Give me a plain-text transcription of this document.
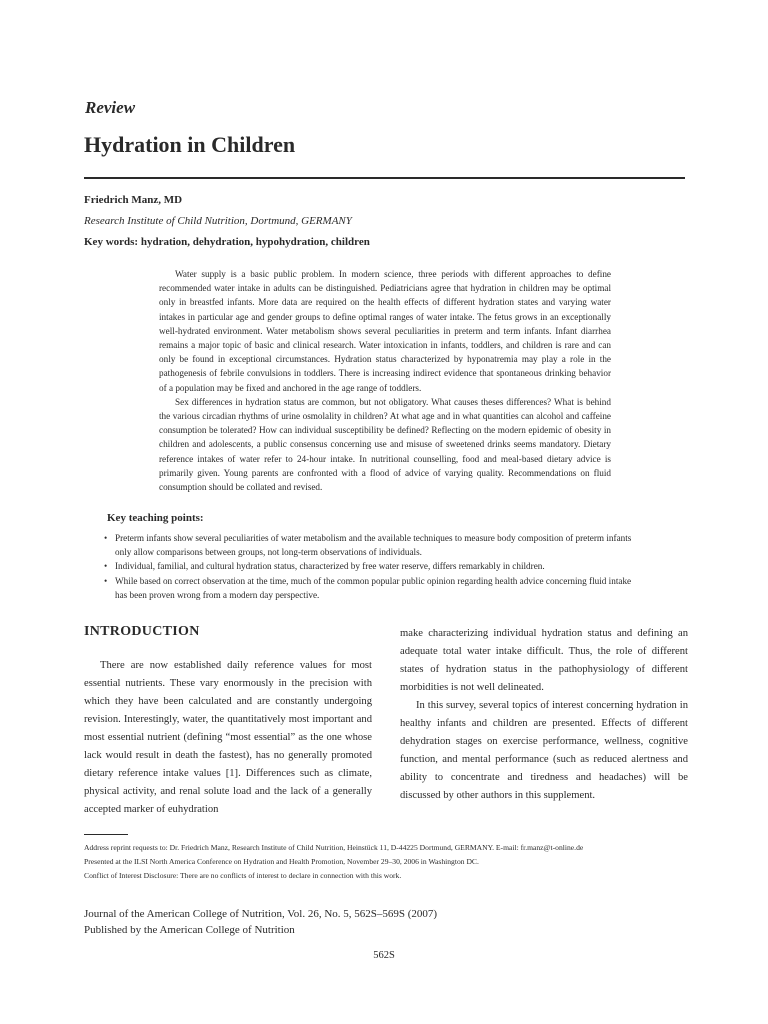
Review
Hydration in Children
Friedrich Manz, MD
Research Institute of Child Nutrition, Dortmund, GERMANY
Key words: hydration, dehydration, hypohydration, children

Water supply is a basic public problem. In modern science, three periods with different approaches to define recommended water intake in adults can be distinguished. Pediatricians agree that hydration in children may be optimal only in breastfed infants. More data are required on the health effects of different hydration states and varying water intakes in particular age and gender groups to define optimal ranges of water intake. The fetus grows in an exceptionally well-hydrated environment. Water metabolism shows several peculiarities in preterm and term infants. Infant diarrhea remains a major topic of basic and clinical research. Water intoxication in infants, toddlers, and children is rare and can only be found in exceptional circumstances. Hydration status characterized by hyponatremia may play a role in the pathogenesis of febrile convulsions in toddlers. There is increasing indirect evidence that spontaneous drinking behavior of a population may be fixed and anchored in the age range of toddlers.

Sex differences in hydration status are common, but not obligatory. What causes theses differences? What is behind the various circadian rhythms of urine osmolality in children? At what age and in what quantities can alcohol and caffeine consumption be tolerated? How can individual susceptibility be defined? Reflecting on the modern epidemic of obesity in children and adolescents, a public consensus concerning use and misuse of sweetened drinks seems mandatory. Dietary reference intakes of water refer to 24-hour intake. In nutritional counselling, food and meal-based dietary advice is primarily given. Young parents are confronted with a flood of advice of varying quality. Recommendations on fluid consumption should be collated and revised.

Key teaching points:
• Preterm infants show several peculiarities of water metabolism and the available techniques to measure body composition of preterm infants only allow comparisons between groups, not long-term observations of individuals.
• Individual, familial, and cultural hydration status, characterized by free water reserve, differs remarkably in children.
• While based on correct observation at the time, much of the common popular public opinion regarding health advice concerning fluid intake has been proven wrong from a modern day perspective.
INTRODUCTION

There are now established daily reference values for most essential nutrients. These vary enormously in the precision with which they have been calculated and are constantly undergoing revision. Interestingly, water, the quantitatively most important and most essential nutrient (defining “most essential” as the one whose lack would result in death the fastest), has no generally promoted dietary reference intake values [1]. Differences such as climate, physical activity, and renal solute load and the lack of a generally accepted marker of euhydration

make characterizing individual hydration status and defining an adequate total water intake difficult. Thus, the role of different states of hydration status in the pathophysiology of different morbidities is not well delineated.

In this survey, several topics of interest concerning hydration in healthy infants and children are presented. Effects of different dehydration stages on exercise performance, wellness, cognitive function, and mental performance (such as reduced alertness and ability to concentrate and tiredness and headaches) will be discussed by other authors in this supplement.

Address reprint requests to: Dr. Friedrich Manz, Research Institute of Child Nutrition, Heinstück 11, D-44225 Dortmund, GERMANY. E-mail: fr.manz@t-online.de
Presented at the ILSI North America Conference on Hydration and Health Promotion, November 29–30, 2006 in Washington DC.
Conflict of Interest Disclosure: There are no conflicts of interest to declare in connection with this work.
Journal of the American College of Nutrition, Vol. 26, No. 5, 562S–569S (2007)
Published by the American College of Nutrition
562S
